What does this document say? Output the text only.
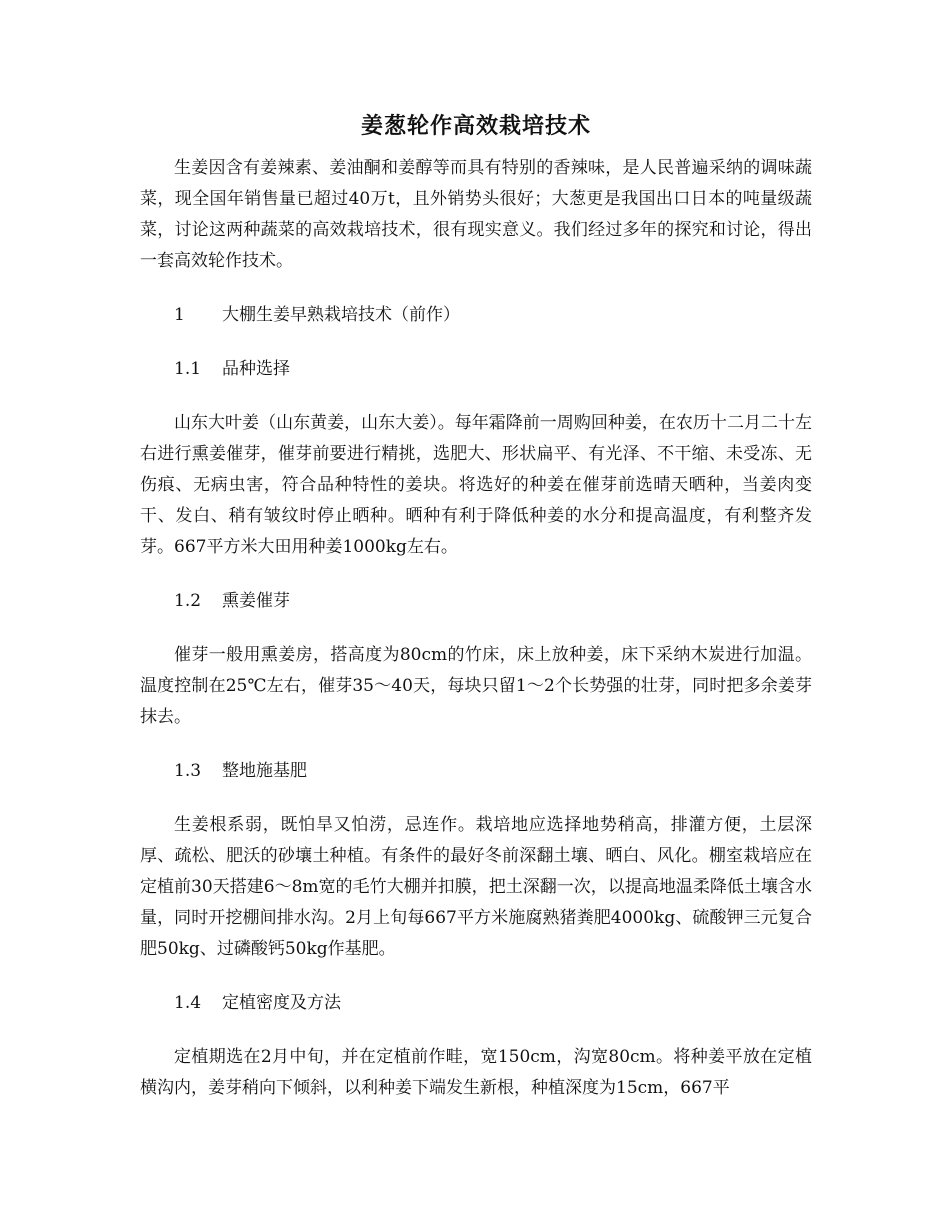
姜葱轮作高效栽培技术

生姜因含有姜辣素、姜油酮和姜醇等而具有特别的香辣味，是人民普遍采纳的调味蔬菜，现全国年销售量已超过40万t，且外销势头很好；大葱更是我国出口日本的吨量级蔬菜，讨论这两种蔬菜的高效栽培技术，很有现实意义。我们经过多年的探究和讨论，得出一套高效轮作技术。

1 大棚生姜早熟栽培技术（前作）
1.1 品种选择

山东大叶姜（山东黄姜，山东大姜）。每年霜降前一周购回种姜，在农历十二月二十左右进行熏姜催芽，催芽前要进行精挑，选肥大、形状扁平、有光泽、不干缩、未受冻、无伤痕、无病虫害，符合品种特性的姜块。将选好的种姜在催芽前选晴天晒种，当姜肉变干、发白、稍有皱纹时停止晒种。晒种有利于降低种姜的水分和提高温度，有利整齐发芽。667平方米大田用种姜1000kg左右。

1.2 熏姜催芽

催芽一般用熏姜房，搭高度为80cm的竹床，床上放种姜，床下采纳木炭进行加温。温度控制在25℃左右，催芽35～40天，每块只留1～2个长势强的壮芽，同时把多余姜芽抹去。

1.3 整地施基肥

生姜根系弱，既怕旱又怕涝，忌连作。栽培地应选择地势稍高，排灌方便，土层深厚、疏松、肥沃的砂壤土种植。有条件的最好冬前深翻土壤、晒白、风化。棚室栽培应在定植前30天搭建6～8m宽的毛竹大棚并扣膜，把土深翻一次，以提高地温柔降低土壤含水量，同时开挖棚间排水沟。2月上旬每667平方米施腐熟猪粪肥4000kg、硫酸钾三元复合肥50kg、过磷酸钙50kg作基肥。

1.4 定植密度及方法

定植期选在2月中旬，并在定植前作畦，宽150cm，沟宽80cm。将种姜平放在定植横沟内，姜芽稍向下倾斜，以利种姜下端发生新根，种植深度为15cm，667平
